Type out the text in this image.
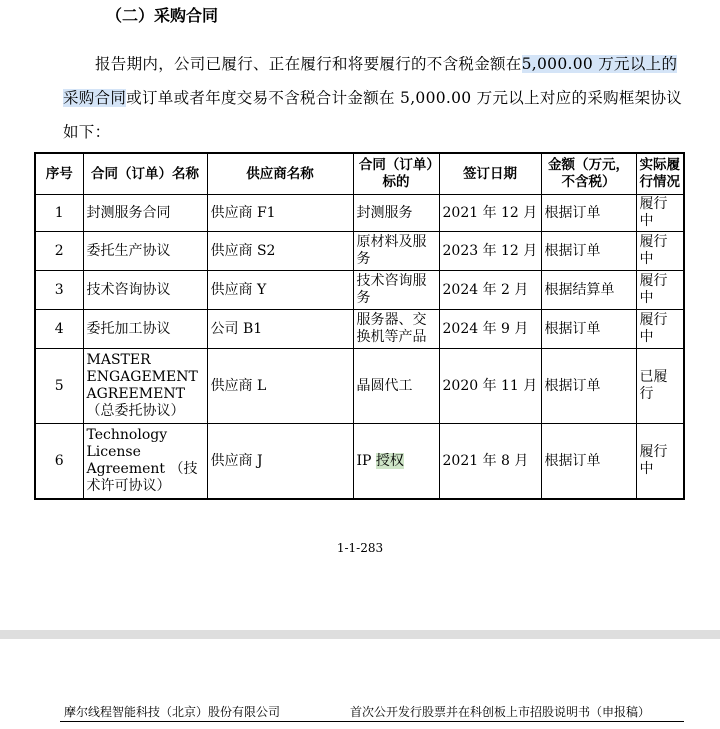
（二）采购合同
报告期内，公司已履行、正在履行和将要履行的不含税金额在5,000.00 万元以上的采购合同或订单或者年度交易不含税合计金额在 5,000.00 万元以上对应的采购框架协议如下：
序号	合同（订单）名称	供应商名称	合同（订单）标的	签订日期	金额（万元，不含税）	实际履行情况
1	封测服务合同	供应商 F1	封测服务	2021 年 12 月	根据订单	履行中
2	委托生产协议	供应商 S2	原材料及服务	2023 年 12 月	根据订单	履行中
3	技术咨询协议	供应商 Y	技术咨询服务	2024 年 2 月	根据结算单	履行中
4	委托加工协议	公司 B1	服务器、交换机等产品	2024 年 9 月	根据订单	履行中
5	MASTER ENGAGEMENT AGREEMENT（总委托协议）	供应商 L	晶圆代工	2020 年 11 月	根据订单	已履行
6	Technology License Agreement （技术许可协议）	供应商 J	IP 授权	2021 年 8 月	根据订单	履行中
1-1-283
摩尔线程智能科技（北京）股份有限公司	首次公开发行股票并在科创板上市招股说明书（申报稿）
